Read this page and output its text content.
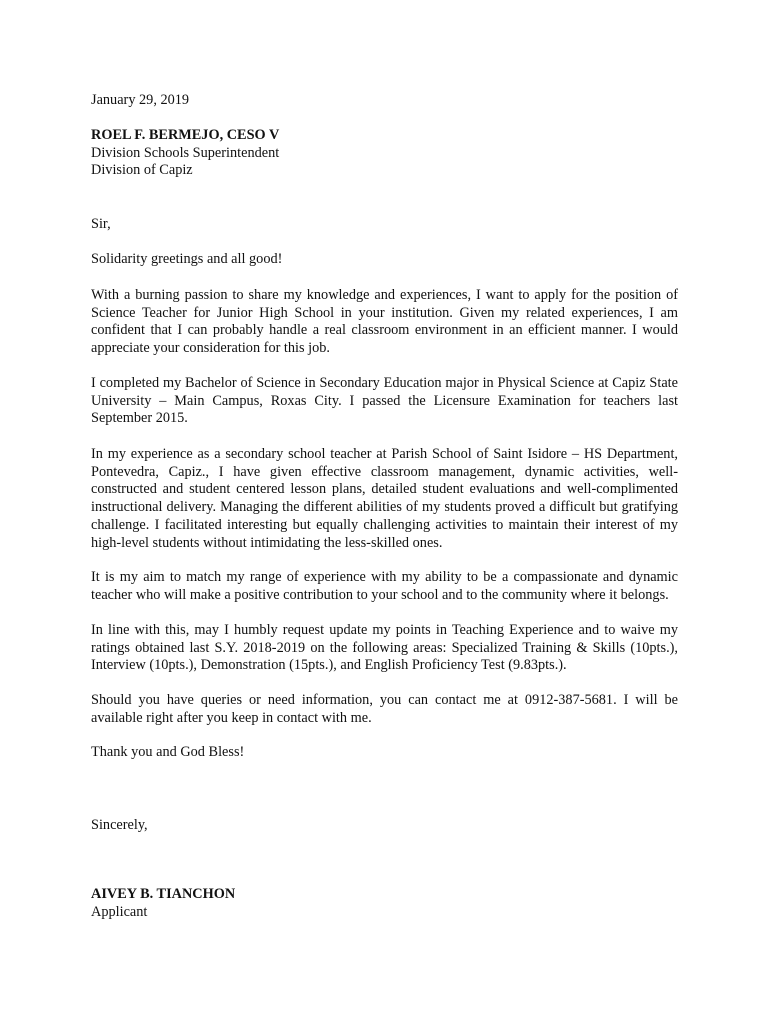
January 29, 2019

ROEL F. BERMEJO, CESO V
Division Schools Superintendent
Division of Capiz

Sir,

Solidarity greetings and all good!

With a burning passion to share my knowledge and experiences, I want to apply for the position of Science Teacher for Junior High School in your institution. Given my related experiences, I am confident that I can probably handle a real classroom environment in an efficient manner. I would appreciate your consideration for this job.

I completed my Bachelor of Science in Secondary Education major in Physical Science at Capiz State University – Main Campus, Roxas City. I passed the Licensure Examination for teachers last September 2015.

In my experience as a secondary school teacher at Parish School of Saint Isidore – HS Department, Pontevedra, Capiz., I have given effective classroom management, dynamic activities, well-constructed and student centered lesson plans, detailed student evaluations and well-complimented instructional delivery. Managing the different abilities of my students proved a difficult but gratifying challenge. I facilitated interesting but equally challenging activities to maintain their interest of my high-level students without intimidating the less-skilled ones.

It is my aim to match my range of experience with my ability to be a compassionate and dynamic teacher who will make a positive contribution to your school and to the community where it belongs.

In line with this, may I humbly request update my points in Teaching Experience and to waive my ratings obtained last S.Y. 2018-2019 on the following areas: Specialized Training & Skills (10pts.), Interview (10pts.), Demonstration (15pts.), and English Proficiency Test (9.83pts.).

Should you have queries or need information, you can contact me at 0912-387-5681. I will be available right after you keep in contact with me.

Thank you and God Bless!

Sincerely,

AIVEY B. TIANCHON
Applicant
